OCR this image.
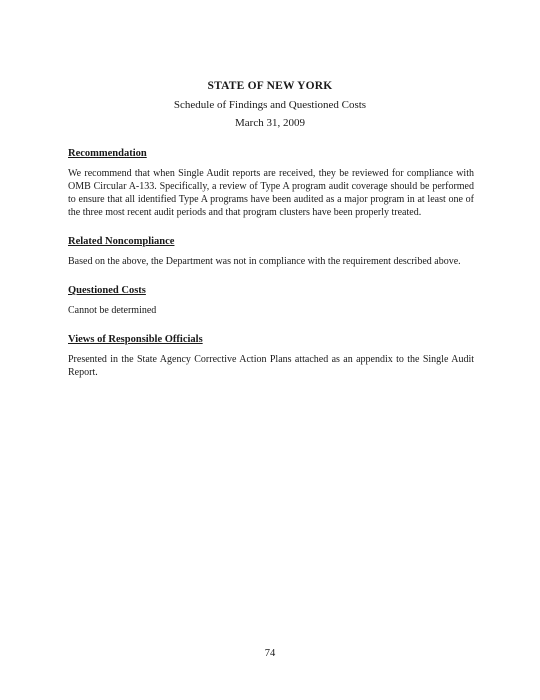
STATE OF NEW YORK
Schedule of Findings and Questioned Costs
March 31, 2009
Recommendation

We recommend that when Single Audit reports are received, they be reviewed for compliance with OMB Circular A-133. Specifically, a review of Type A program audit coverage should be performed to ensure that all identified Type A programs have been audited as a major program in at least one of the three most recent audit periods and that program clusters have been properly treated.

Related Noncompliance

Based on the above, the Department was not in compliance with the requirement described above.

Questioned Costs

Cannot be determined

Views of Responsible Officials

Presented in the State Agency Corrective Action Plans attached as an appendix to the Single Audit Report.

74
